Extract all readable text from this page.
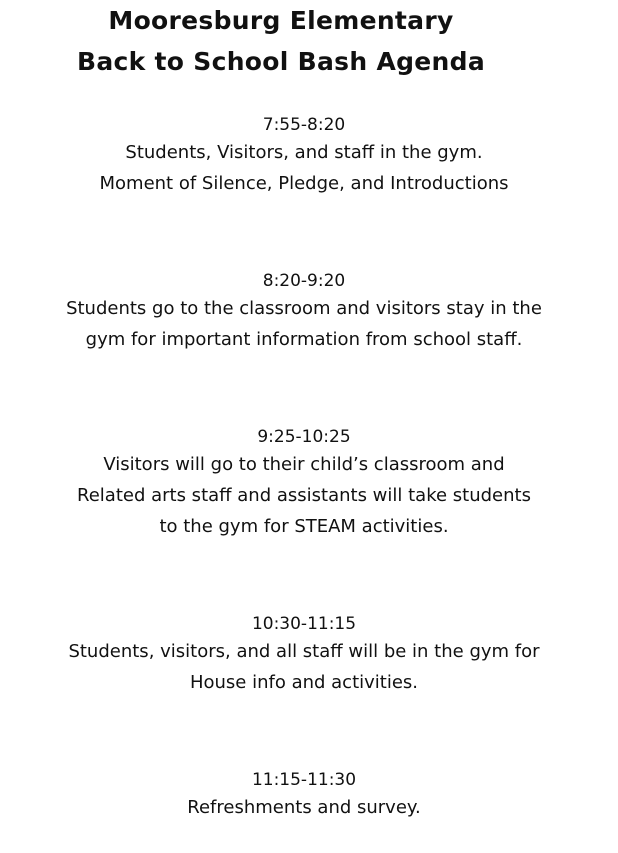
Mooresburg Elementary
Back to School Bash Agenda
7:55-8:20
Students, Visitors, and staff in the gym.
Moment of Silence, Pledge, and Introductions
8:20-9:20
Students go to the classroom and visitors stay in the
gym for important information from school staff.
9:25-10:25
Visitors will go to their child’s classroom and
Related arts staff and assistants will take students
to the gym for STEAM activities.
10:30-11:15
Students, visitors, and all staff will be in the gym for
House info and activities.
11:15-11:30
Refreshments and survey.
